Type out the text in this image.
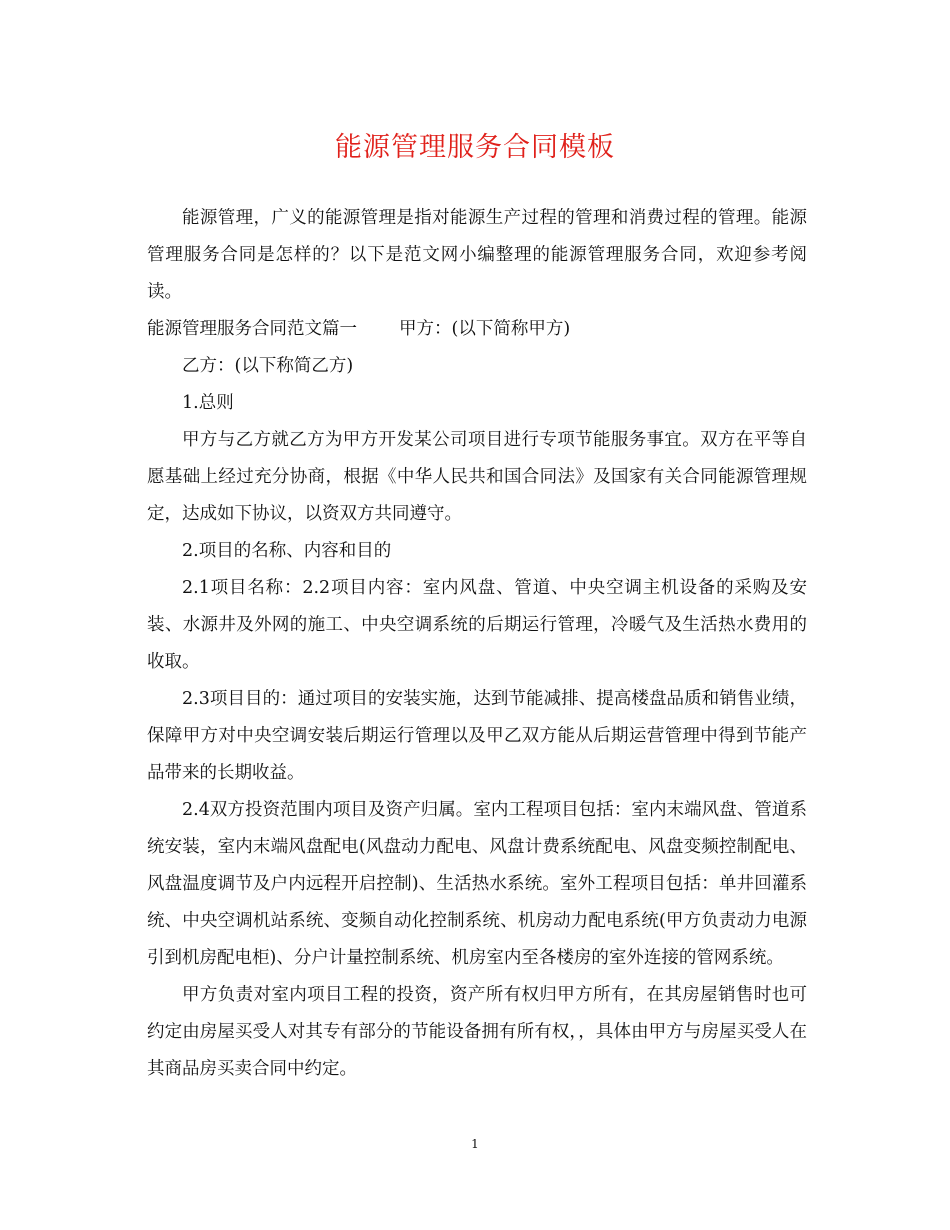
能源管理服务合同模板

能源管理，广义的能源管理是指对能源生产过程的管理和消费过程的管理。能源管理服务合同是怎样的？以下是范文网小编整理的能源管理服务合同，欢迎参考阅读。

能源管理服务合同范文篇一 甲方：(以下简称甲方)

乙方：(以下称简乙方)

1.总则

甲方与乙方就乙方为甲方开发某公司项目进行专项节能服务事宜。双方在平等自愿基础上经过充分协商，根据《中华人民共和国合同法》及国家有关合同能源管理规定，达成如下协议，以资双方共同遵守。

2.项目的名称、内容和目的

2.1项目名称：2.2项目内容：室内风盘、管道、中央空调主机设备的采购及安装、水源井及外网的施工、中央空调系统的后期运行管理，冷暖气及生活热水费用的收取。

2.3项目目的：通过项目的安装实施，达到节能减排、提高楼盘品质和销售业绩，保障甲方对中央空调安装后期运行管理以及甲乙双方能从后期运营管理中得到节能产品带来的长期收益。

2.4双方投资范围内项目及资产归属。室内工程项目包括：室内末端风盘、管道系统安装，室内末端风盘配电(风盘动力配电、风盘计费系统配电、风盘变频控制配电、风盘温度调节及户内远程开启控制)、生活热水系统。室外工程项目包括：单井回灌系统、中央空调机站系统、变频自动化控制系统、机房动力配电系统(甲方负责动力电源引到机房配电柜)、分户计量控制系统、机房室内至各楼房的室外连接的管网系统。

甲方负责对室内项目工程的投资，资产所有权归甲方所有，在其房屋销售时也可约定由房屋买受人对其专有部分的节能设备拥有所有权，，具体由甲方与房屋买受人在其商品房买卖合同中约定。

1
